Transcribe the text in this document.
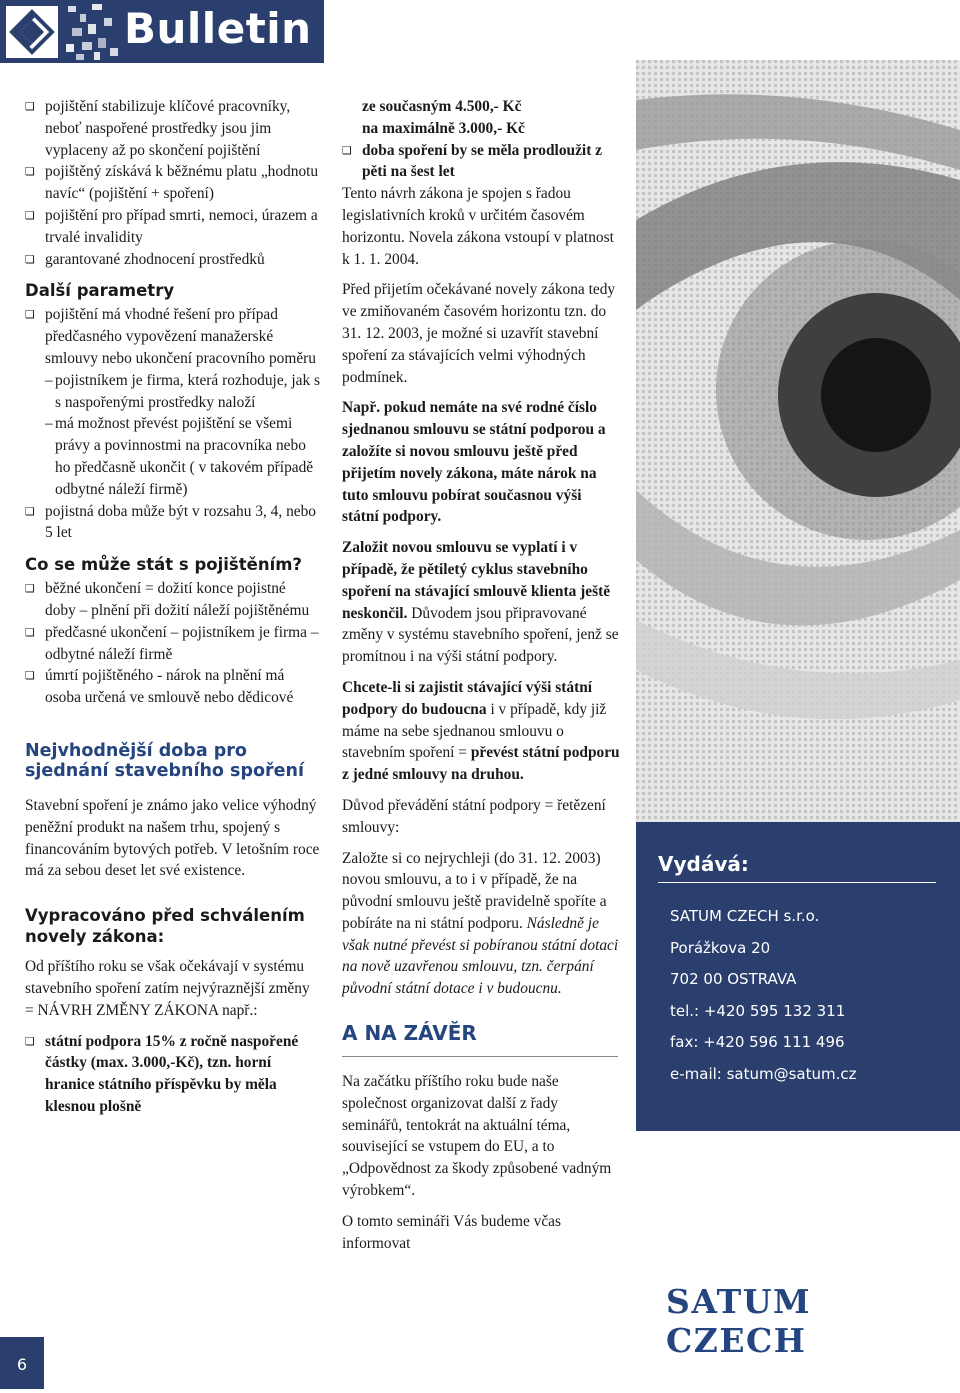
Bulletin
❑ pojištění stabilizuje klíčové pracovníky, neboť naspořené prostředky jsou jim vyplaceny až po skončení pojištění
❑ pojištěný získává k běžnému platu „hodnotu navíc“ (pojištění + spoření)
❑ pojištění pro případ smrti, nemoci, úrazem a trvalé invalidity
❑ garantované zhodnocení prostředků
Další parametry
❑ pojištění má vhodné řešení pro případ předčasného vypovězení manažerské smlouvy nebo ukončení pracovního poměru
– pojistníkem je firma, která rozhoduje, jak s s naspořenými prostředky naloží
– má možnost převést pojištění se všemi právy a povinnostmi na pracovníka nebo ho předčasně ukončit ( v takovém případě odbytné náleží firmě)
❑ pojistná doba může být v rozsahu 3, 4, nebo 5 let
Co se může stát s pojištěním?
❑ běžné ukončení = dožití konce pojistné doby – plnění při dožití náleží pojištěnému
❑ předčasné ukončení – pojistníkem je firma – odbytné náleží firmě
❑ úmrtí pojištěného - nárok na plnění má osoba určená ve smlouvě nebo dědicové
Nejvhodnější doba pro sjednání stavebního spoření

Stavební spoření je známo jako velice výhodný peněžní produkt na našem trhu, spojený s financováním bytových potřeb. V letošním roce má za sebou deset let své existence.

Vypracováno před schválením novely zákona:

Od příštího roku se však očekávají v systému stavebního spoření zatím nejvýraznější změny = NÁVRH ZMĚNY ZÁKONA např.:

❑ státní podpora 15% z ročně naspořené částky (max. 3.000,-Kč), tzn. horní hranice státního příspěvku by měla klesnou plošně
ze současným 4.500,- Kč
na maximálně 3.000,- Kč
❑ doba spoření by se měla prodloužit z pěti na šest let

Tento návrh zákona je spojen s řadou legislativních kroků v určitém časovém horizontu. Novela zákona vstoupí v platnost k 1. 1. 2004.

Před přijetím očekávané novely zákona tedy ve zmiňovaném časovém horizontu tzn. do 31. 12. 2003, je možné si uzavřít stavební spoření za stávajících velmi výhodných podmínek.

Např. pokud nemáte na své rodné číslo sjednanou smlouvu se státní podporou a založíte si novou smlouvu ještě před přijetím novely zákona, máte nárok na tuto smlouvu pobírat současnou výši státní podpory.

Založit novou smlouvu se vyplatí i v případě, že pětiletý cyklus stavebního spoření na stávající smlouvě klienta ještě neskončil. Důvodem jsou připravované změny v systému stavebního spoření, jenž se promítnou i na výši státní podpory.

Chcete-li si zajistit stávající výši státní podpory do budoucna i v případě, kdy již máme na sebe sjednanou smlouvu o stavebním spoření = převést státní podporu z jedné smlouvy na druhou.

Důvod převádění státní podpory = řetězení smlouvy:

Založte si co nejrychleji (do 31. 12. 2003) novou smlouvu, a to i v případě, že na původní smlouvu ještě pravidelně spoříte a pobíráte na ni státní podporu. Následně je však nutné převést si pobíranou státní dotaci na nově uzavřenou smlouvu, tzn. čerpání původní státní dotace i v budoucnu.

A NA ZÁVĚR

Na začátku příštího roku bude naše společnost organizovat další z řady seminářů, tentokrát na aktuální téma, související se vstupem do EU, a to „Odpovědnost za škody způsobené vadným výrobkem“.

O tomto semináři Vás budeme včas informovat

Vydává:
SATUM CZECH s.r.o.
Porážkova 20
702 00 OSTRAVA
tel.: +420 595 132 311
fax: +420 596 111 496
e-mail: satum@satum.cz
SATUM CZECH
6
